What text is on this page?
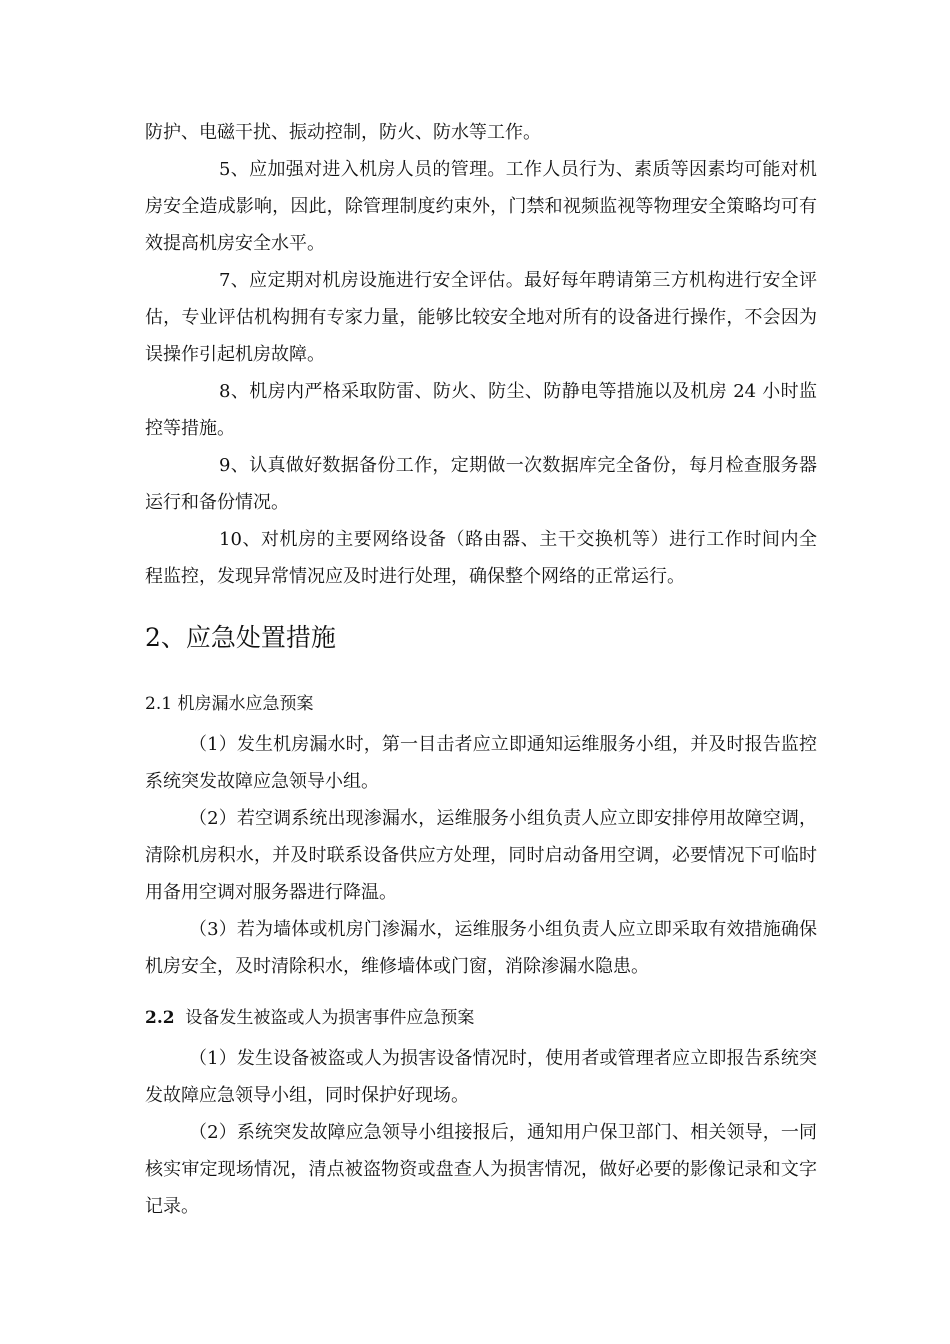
防护、电磁干扰、振动控制，防火、防水等工作。

5、应加强对进入机房人员的管理。工作人员行为、素质等因素均可能对机房安全造成影响，因此，除管理制度约束外，门禁和视频监视等物理安全策略均可有效提高机房安全水平。

7、应定期对机房设施进行安全评估。最好每年聘请第三方机构进行安全评估，专业评估机构拥有专家力量，能够比较安全地对所有的设备进行操作，不会因为误操作引起机房故障。

8、机房内严格采取防雷、防火、防尘、防静电等措施以及机房 24 小时监控等措施。

9、认真做好数据备份工作，定期做一次数据库完全备份，每月检查服务器运行和备份情况。

10、对机房的主要网络设备（路由器、主干交换机等）进行工作时间内全程监控，发现异常情况应及时进行处理，确保整个网络的正常运行。

2、应急处置措施
2.1 机房漏水应急预案

（1）发生机房漏水时，第一目击者应立即通知运维服务小组，并及时报告监控系统突发故障应急领导小组。

（2）若空调系统出现渗漏水，运维服务小组负责人应立即安排停用故障空调，清除机房积水，并及时联系设备供应方处理，同时启动备用空调，必要情况下可临时用备用空调对服务器进行降温。

（3）若为墙体或机房门渗漏水，运维服务小组负责人应立即采取有效措施确保机房安全，及时清除积水，维修墙体或门窗，消除渗漏水隐患。

2.2 设备发生被盗或人为损害事件应急预案

（1）发生设备被盗或人为损害设备情况时，使用者或管理者应立即报告系统突发故障应急领导小组，同时保护好现场。

（2）系统突发故障应急领导小组接报后，通知用户保卫部门、相关领导，一同核实审定现场情况，清点被盗物资或盘查人为损害情况，做好必要的影像记录和文字记录。
